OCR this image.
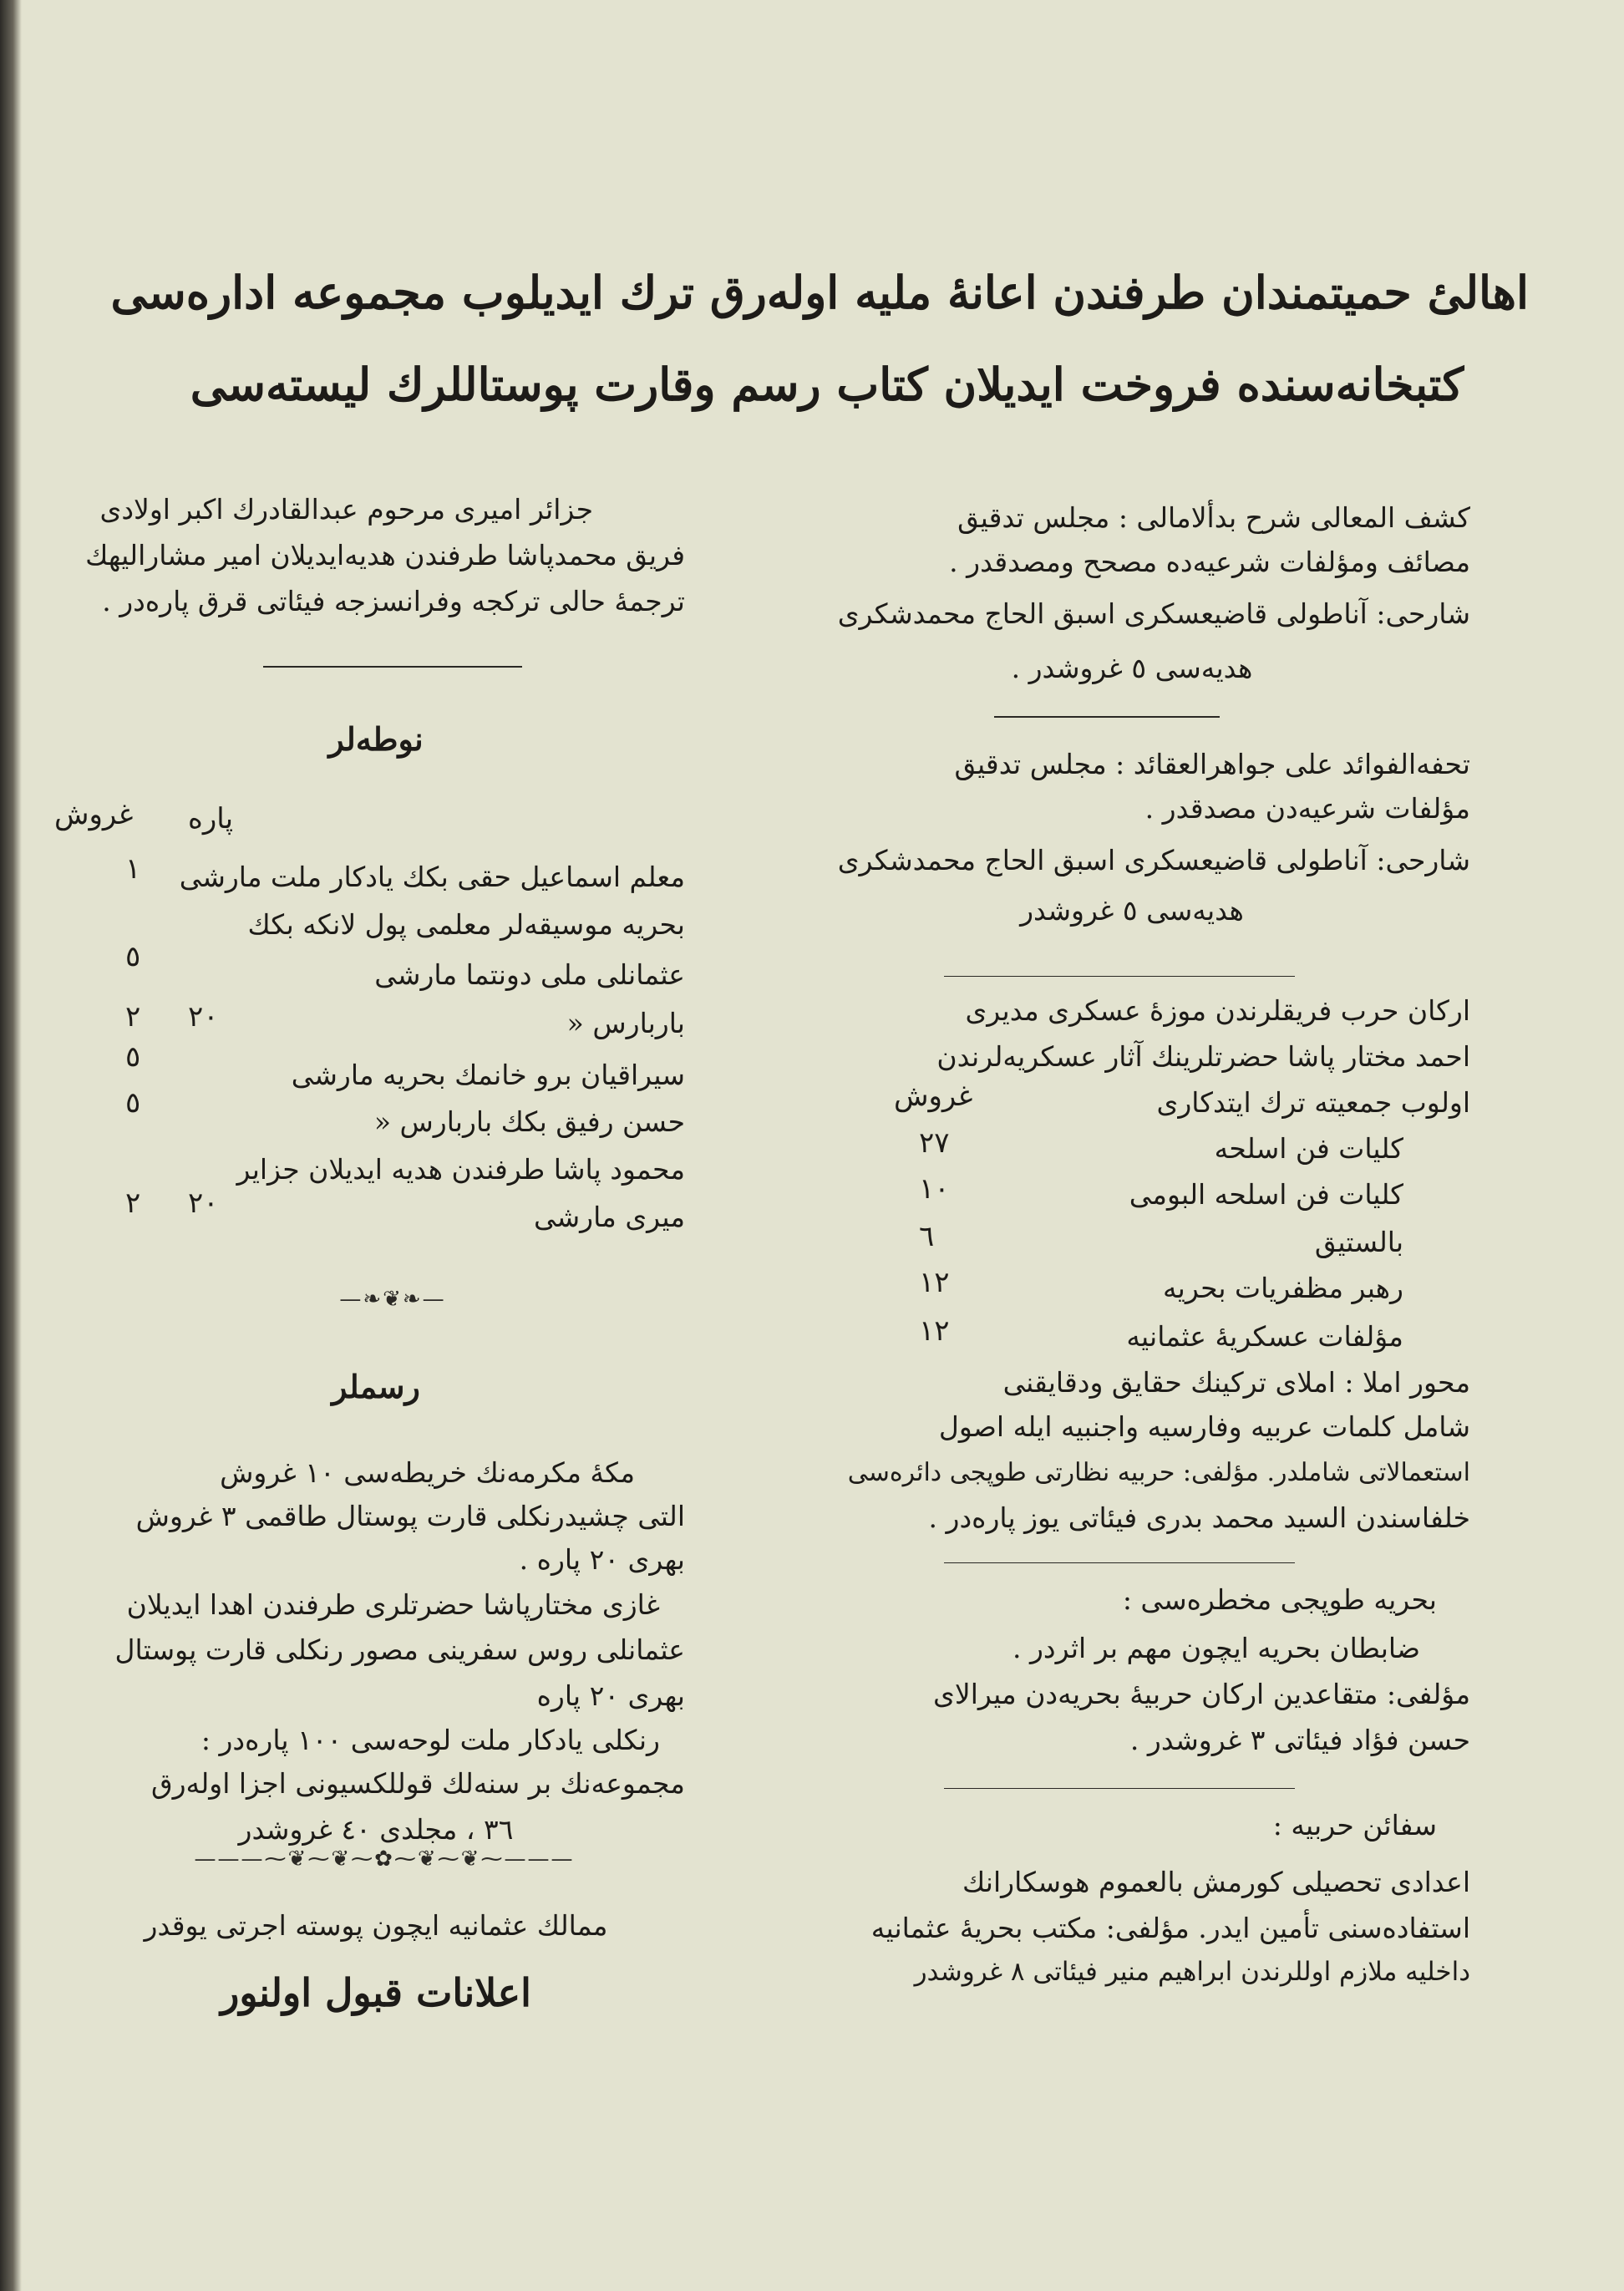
اهالیٔ حمیتمندان طرفندن اعانهٔ ملیه اوله‌رق ترك ایدیلوب مجموعه اداره‌سی
کتبخانه‌سنده فروخت ایدیلان کتاب رسم وقارت پوستاللرك لیسته‌سی
کشف المعالی شرح بدألامالی : مجلس تدقیق
مصائف ومؤلفات شرعیه‌ده مصحح ومصدقدر .
شارحی: آناطولی قاضیعسکری اسبق الحاج محمدشکری
هدیه‌سی ٥ غروشدر .
تحفه‌الفوائد علی جواهرالعقائد : مجلس تدقیق
مؤلفات شرعیه‌دن مصدقدر .
شارحی: آناطولی قاضیعسکری اسبق الحاج محمدشکری
هدیه‌سی ٥ غروشدر
ارکان حرب فریقلرندن موزهٔ عسکری مدیری
احمد مختار پاشا حضرتلرینك آثار عسکریه‌لرندن
اولوب جمعیته ترك ایتدکاری
غروش
کلیات فن اسلحه
٢٧
کلیات فن اسلحه البومی
١٠
بالستیق
٦
رهبر مظفریات بحریه
١٢
مؤلفات عسکریهٔ عثمانیه
١٢
محور املا : املای ترکینك حقایق ودقایقنی
شامل کلمات عربیه وفارسیه واجنبیه ایله اصول
استعمالاتی شاملدر. مؤلفی: حربیه نظارتی طوپجی دائره‌سی
خلفاسندن السید محمد بدری فیئاتی یوز پاره‌در .
بحریه طوپجی مخطره‌سی :
ضابطان بحریه ایچون مهم بر اثردر .
مؤلفی: متقاعدین ارکان حربیهٔ بحریه‌دن میرالای
حسن فؤاد فیئاتی ٣ غروشدر .
سفائن حربیه :
اعدادی تحصیلی کورمش بالعموم هوسکارانك
استفاده‌سنی تأمین ایدر. مؤلفی: مکتب بحریهٔ عثمانیه
داخلیه ملازم اوللرندن ابراهیم منیر فیئاتی ٨ غروشدر
جزائر امیری مرحوم عبدالقادرك اکبر اولادی
فریق محمدپاشا طرفندن هدیه‌ایدیلان امیر مشارالیهك
ترجمهٔ حالی ترکجه وفرانسزجه فیئاتی قرق پاره‌در .
نوطه‌لر
پاره
غروش
معلم اسماعیل حقی بکك یادکار ملت مارشی
١
بحریه موسیقه‌لر معلمی پول لانکه بکك
عثمانلی ملی دونتما مارشی
٥
باربارس «
٢٠
٢
سیراقیان برو خانمك بحریه مارشی
٥
حسن رفیق بکك باربارس «
٥
محمود پاشا طرفندن هدیه ایدیلان جزایر
میری مارشی
٢٠
٢
—❧❦❧—
رسملر
مکهٔ مکرمه‌نك خریطه‌سی ١٠ غروش
التی چشیدرنکلی قارت پوستال طاقمی ٣ غروش
بهری ٢٠ پاره .
غازی مختارپاشا حضرتلری طرفندن اهدا ایدیلان
عثمانلی روس سفرینی مصور رنکلی قارت پوستال
بهری ٢٠ پاره
رنکلی یادکار ملت لوحه‌سی ١٠٠ پاره‌در :
مجموعه‌نك بر سنه‌لك قوللکسیونی اجزا اوله‌رق
٣٦ ، مجلدی ٤٠ غروشدر
———⁓❦⁓❦⁓✿⁓❦⁓❦⁓———
ممالك عثمانیه ایچون پوسته اجرتی یوقدر
اعلانات قبول اولنور
